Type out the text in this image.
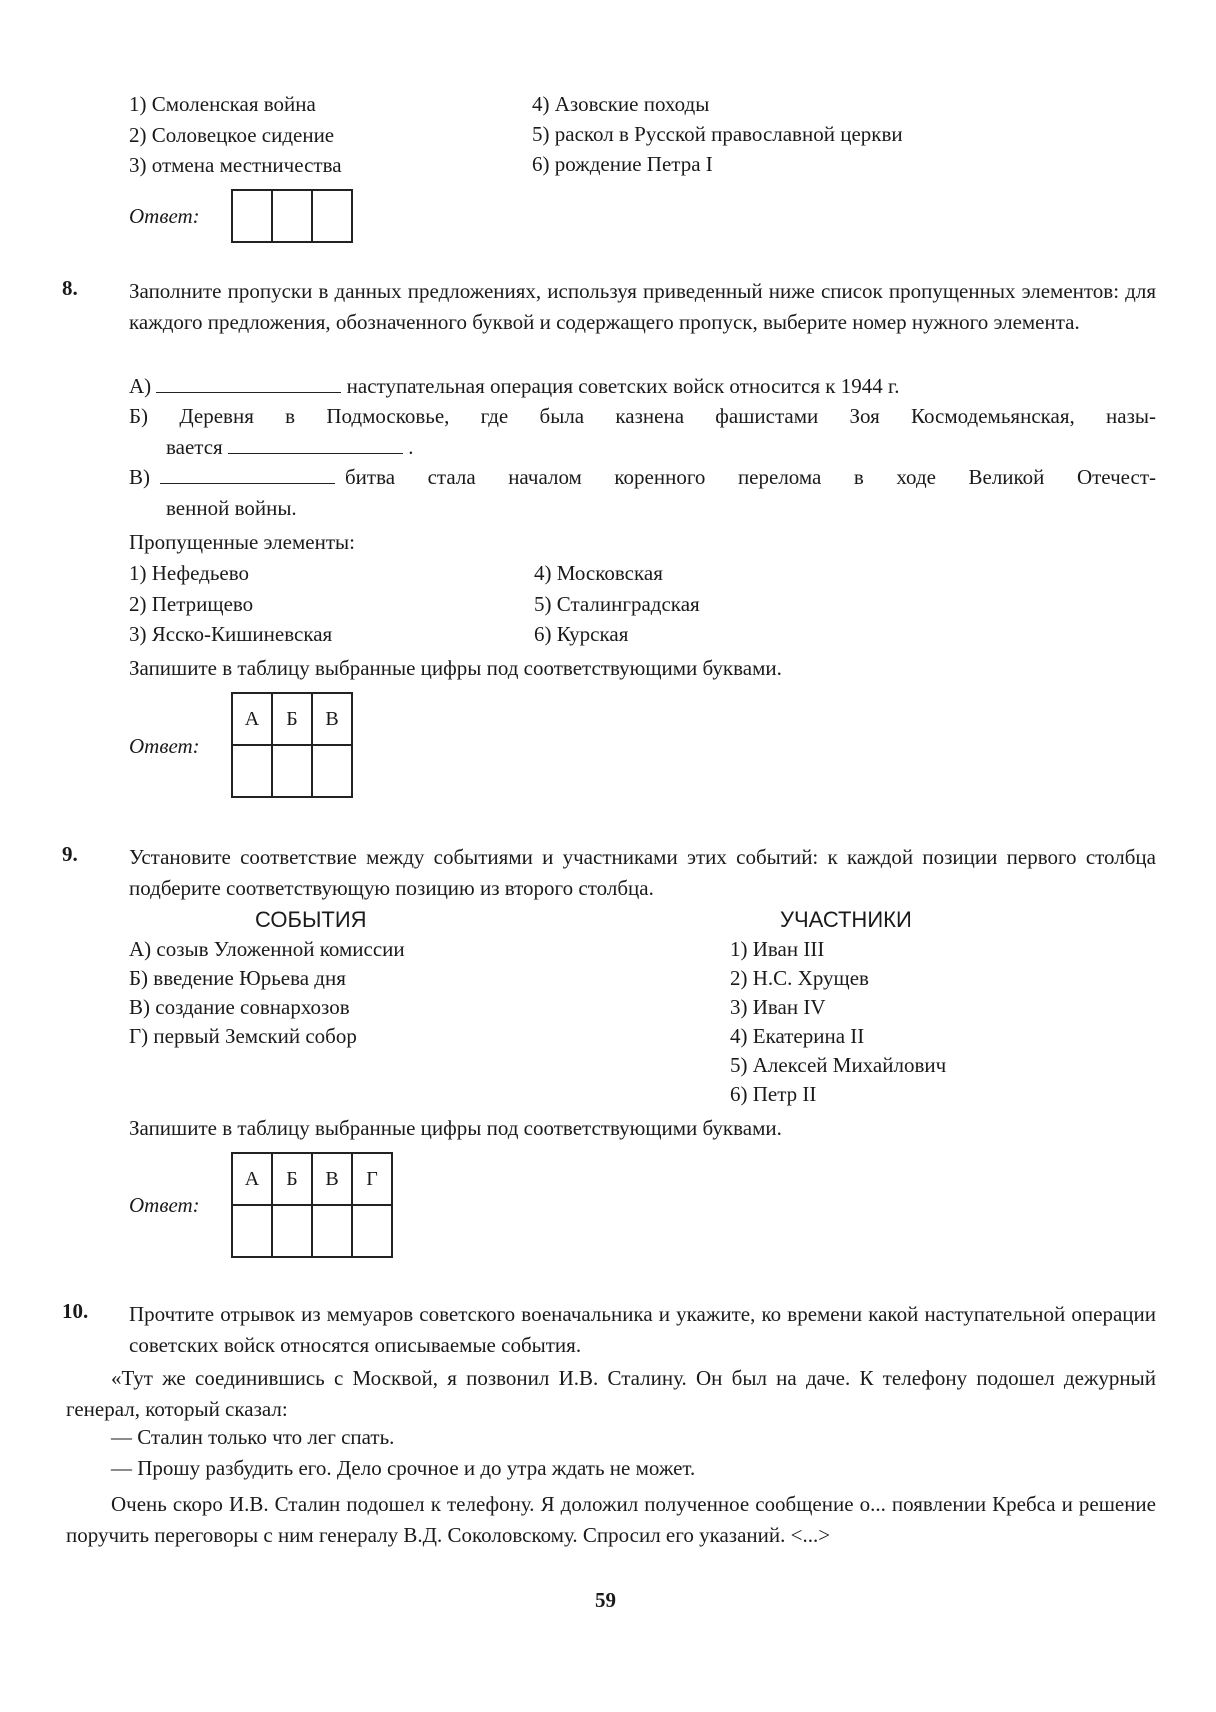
1) Смоленская война
2) Соловецкое сидение
3) отмена местничества
4) Азовские походы
5) раскол в Русской православной церкви
6) рождение Петра I
Ответ:

8. Заполните пропуски в данных предложениях, используя приведенный ниже список пропущенных элементов: для каждого предложения, обозначенного буквой и содержащего пропуск, выберите номер нужного элемента.
А)	наступательная операция советских войск относится к 1944 г.
Б) Деревня в Подмосковье, где была казнена фашистами Зоя Космодемьянская, назы-
вается	.
В)	битва стала началом коренного перелома в ходе Великой Отечест-
венной войны.
Пропущенные элементы:
1) Нефедьево
2) Петрищево
3) Ясско-Кишиневская
4) Московская
5) Сталинградская
6) Курская
Запишите в таблицу выбранные цифры под соответствующими буквами.
Ответ:
А	Б	В

9. Установите соответствие между событиями и участниками этих событий: к каждой позиции первого столбца подберите соответствующую позицию из второго столбца.
СОБЫТИЯ	УЧАСТНИКИ
А) созыв Уложенной комиссии
Б) введение Юрьева дня
В) создание совнархозов
Г) первый Земский собор
1) Иван III
2) Н.С. Хрущев
3) Иван IV
4) Екатерина II
5) Алексей Михайлович
6) Петр II
Запишите в таблицу выбранные цифры под соответствующими буквами.
Ответ:
А	Б	В	Г

10. Прочтите отрывок из мемуаров советского военачальника и укажите, ко времени какой наступательной операции советских войск относятся описываемые события.
«Тут же соединившись с Москвой, я позвонил И.В. Сталину. Он был на даче. К телефону подошел дежурный генерал, который сказал:
— Сталин только что лег спать.
— Прошу разбудить его. Дело срочное и до утра ждать не может.
Очень скоро И.В. Сталин подошел к телефону. Я доложил полученное сообщение о... появлении Кребса и решение поручить переговоры с ним генералу В.Д. Соколовскому. Спросил его указаний. <...>
59
